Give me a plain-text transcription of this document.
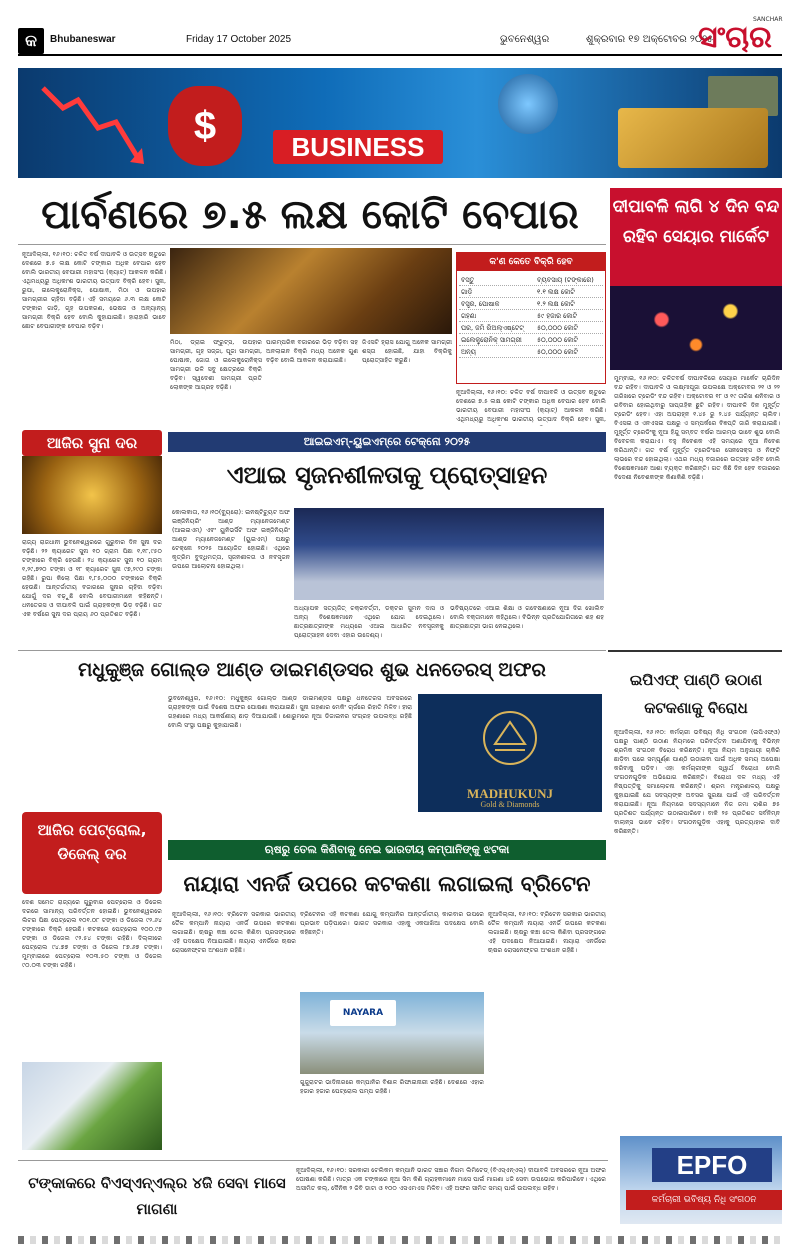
କ	Bhubaneswar	Friday 17 October 2025	ଭୁବନେଶ୍ୱର	ଶୁକ୍ରବାର ୧୭ ଅକ୍ଟୋବର ୨୦୨୫
SANCHAR
ସଂଚାର
$	BUSINESS
ପାର୍ବଣରେ ୭.୫ ଲକ୍ଷ କୋଟି ବେପାର
ନୂଆଦିଲ୍ଲୀ, ୧୬।୧୦: ଚଳିତ ବର୍ଷ ଦୀପାବଳି ଓ ଉତ୍ସବ ଋତୁରେ ଦେଶରେ ୭.୫ ଲକ୍ଷ କୋଟି ଟଙ୍କାର ଅଧିକ ବେପାର ହେବ ବୋଲି ଭାରତୀୟ ବେପାରୀ ମହାସଂଘ (କ୍ୟାଟ୍) ଆକଳନ କରିଛି। ଏଥିମଧ୍ୟରୁ ଅଧିକାଂଶ ଭାରତୀୟ ଉତ୍ପାଦ ବିକ୍ରି ହେବ। ସୁନା, ରୁପା, ଇଲେକ୍ଟ୍ରୋନିକ୍ସ, ପୋଷାକ, ମିଠା ଓ ଉପହାର ସାମଗ୍ରୀର ଚାହିଦା ବଢ଼ିଛି। ଏହି ସମୟରେ ୬.୩ ଲକ୍ଷ କୋଟି ଟଙ୍କାର ଗାଡ଼ି, ଗୃହ ଉପକରଣ, ଭେଷଜ ଓ ଅନ୍ୟାନ୍ୟ ସାମଗ୍ରୀ ବିକ୍ରି ହେବ ବୋଲି କୁହାଯାଇଛି। ହାରାହାରି ଭାବେ ଛୋଟ ବେପାରୀଙ୍କ ବେପାର ବଢ଼ିବ।
ମିଠା, ଡ୍ରାଇ ଫ୍ରୁଟ୍ସ, ଉପହାର ସାମଗ୍ରୀ, ଗୃହ ସଜ୍ଜା, ପୂଜା ସାମଗ୍ରୀ, ପୋଷାକ, ଜୋତା ଓ ଇଲେକ୍ଟ୍ରୋନିକ୍ସ ସାମଗ୍ରୀ ଭଳି ସବୁ କ୍ଷେତ୍ରରେ ବିକ୍ରି ବଢ଼ିବ। ସ୍ୱଦେଶୀ ସାମଗ୍ରୀ ପ୍ରତି ଲୋକଙ୍କ ଆଗ୍ରହ ବଢ଼ିଛି।
ପାରମ୍ପରିକ ବଜାରରେ ଭିଡ଼ ବଢ଼ିବା ସହ ଅନଲାଇନ ବିକ୍ରି ମଧ୍ୟ ଅନେକ ଗୁଣ ବଢ଼ିବ ବୋଲି ଆକଳନ କରାଯାଇଛି।
ଜିଏସଟି ହ୍ରାସ ଯୋଗୁ ଅନେକ ସାମଗ୍ରୀ ଶସ୍ତା ହୋଇଛି, ଯାହା ବିକ୍ରିକୁ ପ୍ରୋତ୍ସାହିତ କରୁଛି।
କ'ଣ କେତେ ବିକ୍ରି ହେବ
ବସ୍ତୁ	ବ୍ୟବସାୟ (ଟଙ୍କାରେ)
ଗାଡ଼ି	୧.୧ ଲକ୍ଷ କୋଟି
ବସ୍ତ୍ର, ପୋଷାକ	୧.୨ ଲକ୍ଷ କୋଟି
ଗହଣା	୫୯ ହଜାର କୋଟି
ଘର, ଜମି ରିଅଲ୍ଏଷ୍ଟେଟ୍ ୫୦,୦୦୦ କୋଟି
ଇଲେକ୍ଟ୍ରୋନିକ୍ ସାମଗ୍ରୀ ୫୦,୦୦୦ କୋଟି
ଅନ୍ୟ	୫୦,୦୦୦ କୋଟି
ନୂଆଦିଲ୍ଲୀ, ୧୬।୧୦: ଚଳିତ ବର୍ଷ ଦୀପାବଳି ଓ ଉତ୍ସବ ଋତୁରେ ଦେଶରେ ୭.୫ ଲକ୍ଷ କୋଟି ଟଙ୍କାର ଅଧିକ ବେପାର ହେବ ବୋଲି ଭାରତୀୟ ବେପାରୀ ମହାସଂଘ (କ୍ୟାଟ୍) ଆକଳନ କରିଛି। ଏଥିମଧ୍ୟରୁ ଅଧିକାଂଶ ଭାରତୀୟ ଉତ୍ପାଦ ବିକ୍ରି ହେବ। ସୁନା,
ଦୀପାବଳି ଲାଗି ୪ ଦିନ ବନ୍ଦ ରହିବ ସେୟାର ମାର୍କେଟ
ମୁମ୍ବାଇ, ୧୬।୧୦: ଚଳିତବର୍ଷ ଦୀପାବଳିରେ ସେୟାର ମାର୍କେଟ ଚାରିଦିନ ବନ୍ଦ ରହିବ। ଦୀପାବଳି ଓ ଲକ୍ଷ୍ମୀପୂଜା ଉପଲକ୍ଷେ ଅକ୍ଟୋବର ୨୧ ଓ ୨୨ ତାରିଖରେ ଟ୍ରେଡିଂ ବନ୍ଦ ରହିବ। ଅକ୍ଟୋବର ୧୮ ଓ ୧୯ ତାରିଖ ଶନିବାର ଓ ରବିବାର ହୋଇଥିବାରୁ ସାପ୍ତାହିକ ଛୁଟି ରହିବ। ଦୀପାବଳି ଦିନ ମୁହୂର୍ତ୍ତ ଟ୍ରେଡିଂ ହେବ। ଏହା ଅପରାହ୍ନ ୧.୪୫ ରୁ ୨.୪୫ ପର୍ଯ୍ୟନ୍ତ ଚାଲିବ। ବିଏସଇ ଓ ଏନଏସଇ ପକ୍ଷରୁ ଏ ସମ୍ପର୍କରେ ବିଜ୍ଞପ୍ତି ଜାରି କରାଯାଇଛି। ମୁହୂର୍ତ୍ତ ଟ୍ରେଡିଂକୁ ନୂଆ ହିନ୍ଦୁ ସମ୍ବତ ବର୍ଷର ଆରମ୍ଭ ଭାବେ ଶୁଭ ବୋଲି ବିବେଚନା କରାଯାଏ। ବହୁ ନିବେଶକ ଏହି ସମୟରେ ନୂଆ ନିବେଶ କରିଥାନ୍ତି। ଗତ ବର୍ଷ ମୁହୂର୍ତ୍ତ ଟ୍ରେଡିଂରେ ସେନସେକ୍ସ ଓ ନିଫ୍ଟି ଲାଭରେ ବନ୍ଦ ହୋଇଥିଲା। ଏଥର ମଧ୍ୟ ବଜାରରେ ଉତ୍ସାହ ରହିବ ବୋଲି ବିଶେଷଜ୍ଞମାନେ ଆଶା ବ୍ୟକ୍ତ କରିଛନ୍ତି। ଗତ କିଛି ଦିନ ହେବ ବଜାରରେ ବିଦେଶୀ ନିବେଶକଙ୍କ କିଣାକିଣି ବଢ଼ିଛି।
ଆଜିର ସୁନା ଦର
ରାଜ୍ୟ ରାଜଧାନୀ ଭୁବନେଶ୍ୱରରେ ଗୁରୁବାର ଦିନ ସୁନା ଦର ବଢ଼ିଛି। ୨୨ କ୍ୟାରେଟ ସୁନା ୧୦ ଗ୍ରାମ ପିଛା ୧,୧୮,୯୫୦ ଟଙ୍କାରେ ବିକ୍ରି ହେଉଛି। ୨୪ କ୍ୟାରେଟ ସୁନା ୧୦ ଗ୍ରାମ ୧,୨୯,୭୨୦ ଟଙ୍କା ଓ ୧୮ କ୍ୟାରେଟ ସୁନା ୯୭,୨୯୦ ଟଙ୍କା ରହିଛି। ରୁପା କିଲୋ ପିଛା ୧,୮୫,୦୦୦ ଟଙ୍କାରେ ବିକ୍ରି ହେଉଛି। ଆନ୍ତର୍ଜାତୀୟ ବଜାରରେ ସୁନାର ଚାହିଦା ବଢ଼ିବା ଯୋଗୁଁ ଦର ବଢ଼ୁଛି ବୋଲି ବେପାରୀମାନେ କହିଛନ୍ତି। ଧନତେରସ ଓ ଦୀପାବଳି ପାଇଁ ଗ୍ରାହକଙ୍କ ଭିଡ଼ ବଢ଼ିଛି। ଗତ ଏକ ବର୍ଷରେ ସୁନା ଦର ପ୍ରାୟ ୬୦ ପ୍ରତିଶତ ବଢ଼ିଛି।
ଆଇଇଏମ୍-ୟୁଇଏମ୍‌ରେ ଟେକ୍ନୋ ୨୦୨୫
ଏଆଇ ସୃଜନଶୀଳତାକୁ ପ୍ରୋତ୍ସାହନ
କୋଲକାତା, ୧୬।୧୦(ବ୍ୟୁରୋ): ଇନଷ୍ଟିଚ୍ୟୁଟ ଅଫ ଇଞ୍ଜିନିୟରିଂ ଆଣ୍ଡ ମ୍ୟାନେଜମେଣ୍ଟ (ଆଇଇଏମ୍) ଏବଂ ୟୁନିଭର୍ସିଟି ଅଫ ଇଞ୍ଜିନିୟରିଂ ଆଣ୍ଡ ମ୍ୟାନେଜମେଣ୍ଟ (ୟୁଇଏମ୍) ପକ୍ଷରୁ ଟେକ୍ନୋ ୨୦୨୫ ଆୟୋଜିତ ହୋଇଛି। ଏଥିରେ କୃତ୍ରିମ ବୁଦ୍ଧିମତ୍ତା, ସୃଜନଶୀଳତା ଓ ନବସୃଜନ ଉପରେ ଆଲୋଚନା ହୋଇଥିଲା।
ଅଧ୍ୟାପକ ସତ୍ୟଜିତ୍ ଚକ୍ରବର୍ତ୍ତୀ, ଡକ୍ଟର ସୁମନ ଦାସ ଓ ଅନ୍ୟ ବିଶେଷଜ୍ଞମାନେ ଏଥିରେ ଯୋଗ ଦେଇଥିଲେ। ଛାତ୍ରଛାତ୍ରୀଙ୍କ ମଧ୍ୟରେ ଏଆଇ ଆଧାରିତ ନବସୃଜନକୁ ପ୍ରୋତ୍ସାହନ ଦେବା ଏହାର ଉଦ୍ଦେଶ୍ୟ।
ଭବିଷ୍ୟତରେ ଏଆଇ ଶିକ୍ଷା ଓ ଗବେଷଣାରେ ନୂଆ ଦିଗ ଖୋଲିବ ବୋଲି ବକ୍ତାମାନେ କହିଥିଲେ। ବିଭିନ୍ନ ପ୍ରତିଯୋଗିତାରେ ଶହ ଶହ ଛାତ୍ରଛାତ୍ରୀ ଭାଗ ନେଇଥିଲେ।
ମଧୁକୁଞ୍ଜ ଗୋଲ୍ଡ ଆଣ୍ଡ ଡାଇମଣ୍ଡସର ଶୁଭ ଧନତେରସ୍ ଅଫର
ଭୁବନେଶ୍ୱର, ୧୬।୧୦: ମଧୁକୁଞ୍ଜ ଗୋଲ୍ଡ ଆଣ୍ଡ ଡାଇମଣ୍ଡସ ପକ୍ଷରୁ ଧନତେରସ ଅବସରରେ ଗ୍ରାହକଙ୍କ ପାଇଁ ବିଶେଷ ଅଫର ଘୋଷଣା କରାଯାଇଛି। ସୁନା ଗହଣାର ମେକିଂ ଚାର୍ଜରେ ରିହାତି ମିଳିବ। ହୀରା ଗହଣାରେ ମଧ୍ୟ ଆକର୍ଷଣୀୟ ଛାଡ଼ ଦିଆଯାଉଛି। ଶୋରୁମରେ ନୂଆ ଡିଜାଇନର ସଂଗ୍ରହ ଉପଲବ୍ଧ ରହିଛି ବୋଲି ସଂସ୍ଥା ପକ୍ଷରୁ କୁହାଯାଇଛି।
MADHUKUNJ
Gold & Diamonds
ଆଜିର ପେଟ୍ରୋଲ, ଡିଜେଲ୍ ଦର
ଦେଶ ସମେତ ରାଜ୍ୟରେ ଗୁରୁବାର ପେଟ୍ରୋଲ ଓ ଡିଜେଲ ଦରରେ ସାମାନ୍ୟ ପରିବର୍ତ୍ତନ ହୋଇଛି। ଭୁବନେଶ୍ୱରରେ ଲିଟର ପିଛା ପେଟ୍ରୋଲ ୧୦୧.୦୮ ଟଙ୍କା ଓ ଡିଜେଲ ୯୨.୬୪ ଟଙ୍କାରେ ବିକ୍ରି ହେଉଛି। କଟକରେ ପେଟ୍ରୋଲ ୧୦୦.୯୭ ଟଙ୍କା ଓ ଡିଜେଲ ୯୨.୫୪ ଟଙ୍କା ରହିଛି। ଦିଲ୍ଲୀରେ ପେଟ୍ରୋଲ ୯୪.୭୭ ଟଙ୍କା ଓ ଡିଜେଲ ୮୭.୬୭ ଟଙ୍କା। ମୁମ୍ବାଇରେ ପେଟ୍ରୋଲ ୧୦୩.୫୦ ଟଙ୍କା ଓ ଡିଜେଲ ୯୦.୦୩ ଟଙ୍କା ରହିଛି।
ଋଷରୁ ତେଲ କିଣିବାକୁ ନେଇ ଭାରତୀୟ କମ୍ପାନିଙ୍କୁ ଝଟକା
ନାୟାରା ଏନର୍ଜି ଉପରେ କଟକଣା ଲଗାଇଲା ବ୍ରିଟେନ
ନୂଆଦିଲ୍ଲୀ, ୧୬।୧୦: ବ୍ରିଟେନ ସରକାର ଭାରତୀୟ ତୈଳ କମ୍ପାନି ନାୟାରା ଏନର୍ଜି ଉପରେ କଟକଣା ଲଗାଇଛି। ଋଷରୁ କଞ୍ଚା ତେଲ କିଣିବା ପ୍ରସଙ୍ଗରେ ଏହି ପଦକ୍ଷେପ ନିଆଯାଇଛି। ନାୟାରା ଏନର୍ଜିରେ ଋଷର ରୋସନେଫ୍ଟର ଅଂଶଧନ ରହିଛି।
ବ୍ରିଟେନର ଏହି କଟକଣା ଯୋଗୁ କମ୍ପାନିର ଆନ୍ତର୍ଜାତୀୟ କାରବାର ଉପରେ ପ୍ରଭାବ ପଡ଼ିପାରେ। ଭାରତ ସରକାର ଏହାକୁ ଏକପାଖିଆ ପଦକ୍ଷେପ ବୋଲି କହିଛନ୍ତି।
NAYARA
ଗୁଜୁରାଟର ଭାଦିନାରରେ କମ୍ପାନିର ବିଶାଳ ରିଫାଇନାରୀ ରହିଛି। ଦେଶରେ ଏହାର ହଜାର ହଜାର ପେଟ୍ରୋଲ ପମ୍ପ ରହିଛି।
ନୂଆଦିଲ୍ଲୀ, ୧୬।୧୦: ବ୍ରିଟେନ ସରକାର ଭାରତୀୟ ତୈଳ କମ୍ପାନି ନାୟାରା ଏନର୍ଜି ଉପରେ କଟକଣା ଲଗାଇଛି। ଋଷରୁ କଞ୍ଚା ତେଲ କିଣିବା ପ୍ରସଙ୍ଗରେ ଏହି ପଦକ୍ଷେପ ନିଆଯାଇଛି। ନାୟାରା ଏନର୍ଜିରେ ଋଷର ରୋସନେଫ୍ଟର ଅଂଶଧନ ରହିଛି।
ଇପିଏଫ୍ ପାଣ୍ଠି ଉଠାଣ କଟକଣାକୁ ବିରୋଧ
ନୂଆଦିଲ୍ଲୀ, ୧୬।୧୦: କର୍ମଚାରୀ ଭବିଷ୍ୟ ନିଧି ସଂଗଠନ (ଇପିଏଫ୍‌ଓ) ପକ୍ଷରୁ ପାଣ୍ଠି ଉଠାଣ ନିୟମରେ ପରିବର୍ତ୍ତନ ଅଣାଯିବାକୁ ବିଭିନ୍ନ ଶ୍ରମିକ ସଂଗଠନ ବିରୋଧ କରିଛନ୍ତି। ନୂଆ ନିୟମ ଅନୁଯାୟୀ ଚାକିରି ଛାଡ଼ିବା ପରେ ସମ୍ପୂର୍ଣ୍ଣ ପାଣ୍ଠି ଉଠାଇବା ପାଇଁ ଅଧିକ ସମୟ ଅପେକ୍ଷା କରିବାକୁ ପଡ଼ିବ। ଏହା କର୍ମଚାରୀଙ୍କ ସ୍ୱାର୍ଥ ବିରୋଧୀ ବୋଲି ସଂଗଠନଗୁଡ଼ିକ ଅଭିଯୋଗ କରିଛନ୍ତି। ବିରୋଧୀ ଦଳ ମଧ୍ୟ ଏହି ନିଷ୍ପତ୍ତିକୁ ସମାଲୋଚନା କରିଛନ୍ତି। ଶ୍ରମ ମନ୍ତ୍ରଣାଳୟ ପକ୍ଷରୁ କୁହାଯାଇଛି ଯେ ସଦସ୍ୟଙ୍କ ଅବସର ସୁରକ୍ଷା ପାଇଁ ଏହି ପରିବର୍ତ୍ତନ କରାଯାଇଛି। ନୂଆ ନିୟମରେ ସଦସ୍ୟମାନେ ନିଜ ଜମା ରାଶିର ୭୫ ପ୍ରତିଶତ ପର୍ଯ୍ୟନ୍ତ ଉଠାଇପାରିବେ। ବାକି ୨୫ ପ୍ରତିଶତ ସର୍ବନିମ୍ନ ବାଲାନ୍ସ ଭାବେ ରହିବ। ସଂଗଠନଗୁଡ଼ିକ ଏହାକୁ ପ୍ରତ୍ୟାହାର ଦାବି କରିଛନ୍ତି।
EPFO
କର୍ମଚାରୀ ଭବିଷ୍ୟ ନିଧି ସଂଗଠନ
ଟଙ୍କାକରେ ବିଏସ୍ଏନ୍ଏଲ୍‌ର ୪ଜି ସେବା ମାସେ ମାଗଣା
ନୂଆଦିଲ୍ଲୀ, ୧୬।୧୦: ସରକାରୀ ଟେଲିକମ କମ୍ପାନି ଭାରତ ସଞ୍ଚାର ନିଗମ ଲିମିଟେଡ୍ (ବିଏସ୍ଏନ୍ଏଲ୍) ଦୀପାବଳି ଅବସରରେ ନୂଆ ଅଫର ଘୋଷଣା କରିଛି। ମାତ୍ର ଏକ ଟଙ୍କାରେ ନୂଆ ସିମ କିଣି ଗ୍ରାହକମାନେ ମାସେ ପାଇଁ ମାଗଣା ୪ଜି ସେବା ଉପଭୋଗ କରିପାରିବେ। ଏଥିରେ ଅସୀମିତ କଲ୍, ଦୈନିକ ୨ ଜିବି ଡାଟା ଓ ୧୦୦ ଏସଏମଏସ ମିଳିବ। ଏହି ଅଫର ସୀମିତ ସମୟ ପାଇଁ ଉପଲବ୍ଧ ରହିବ।
